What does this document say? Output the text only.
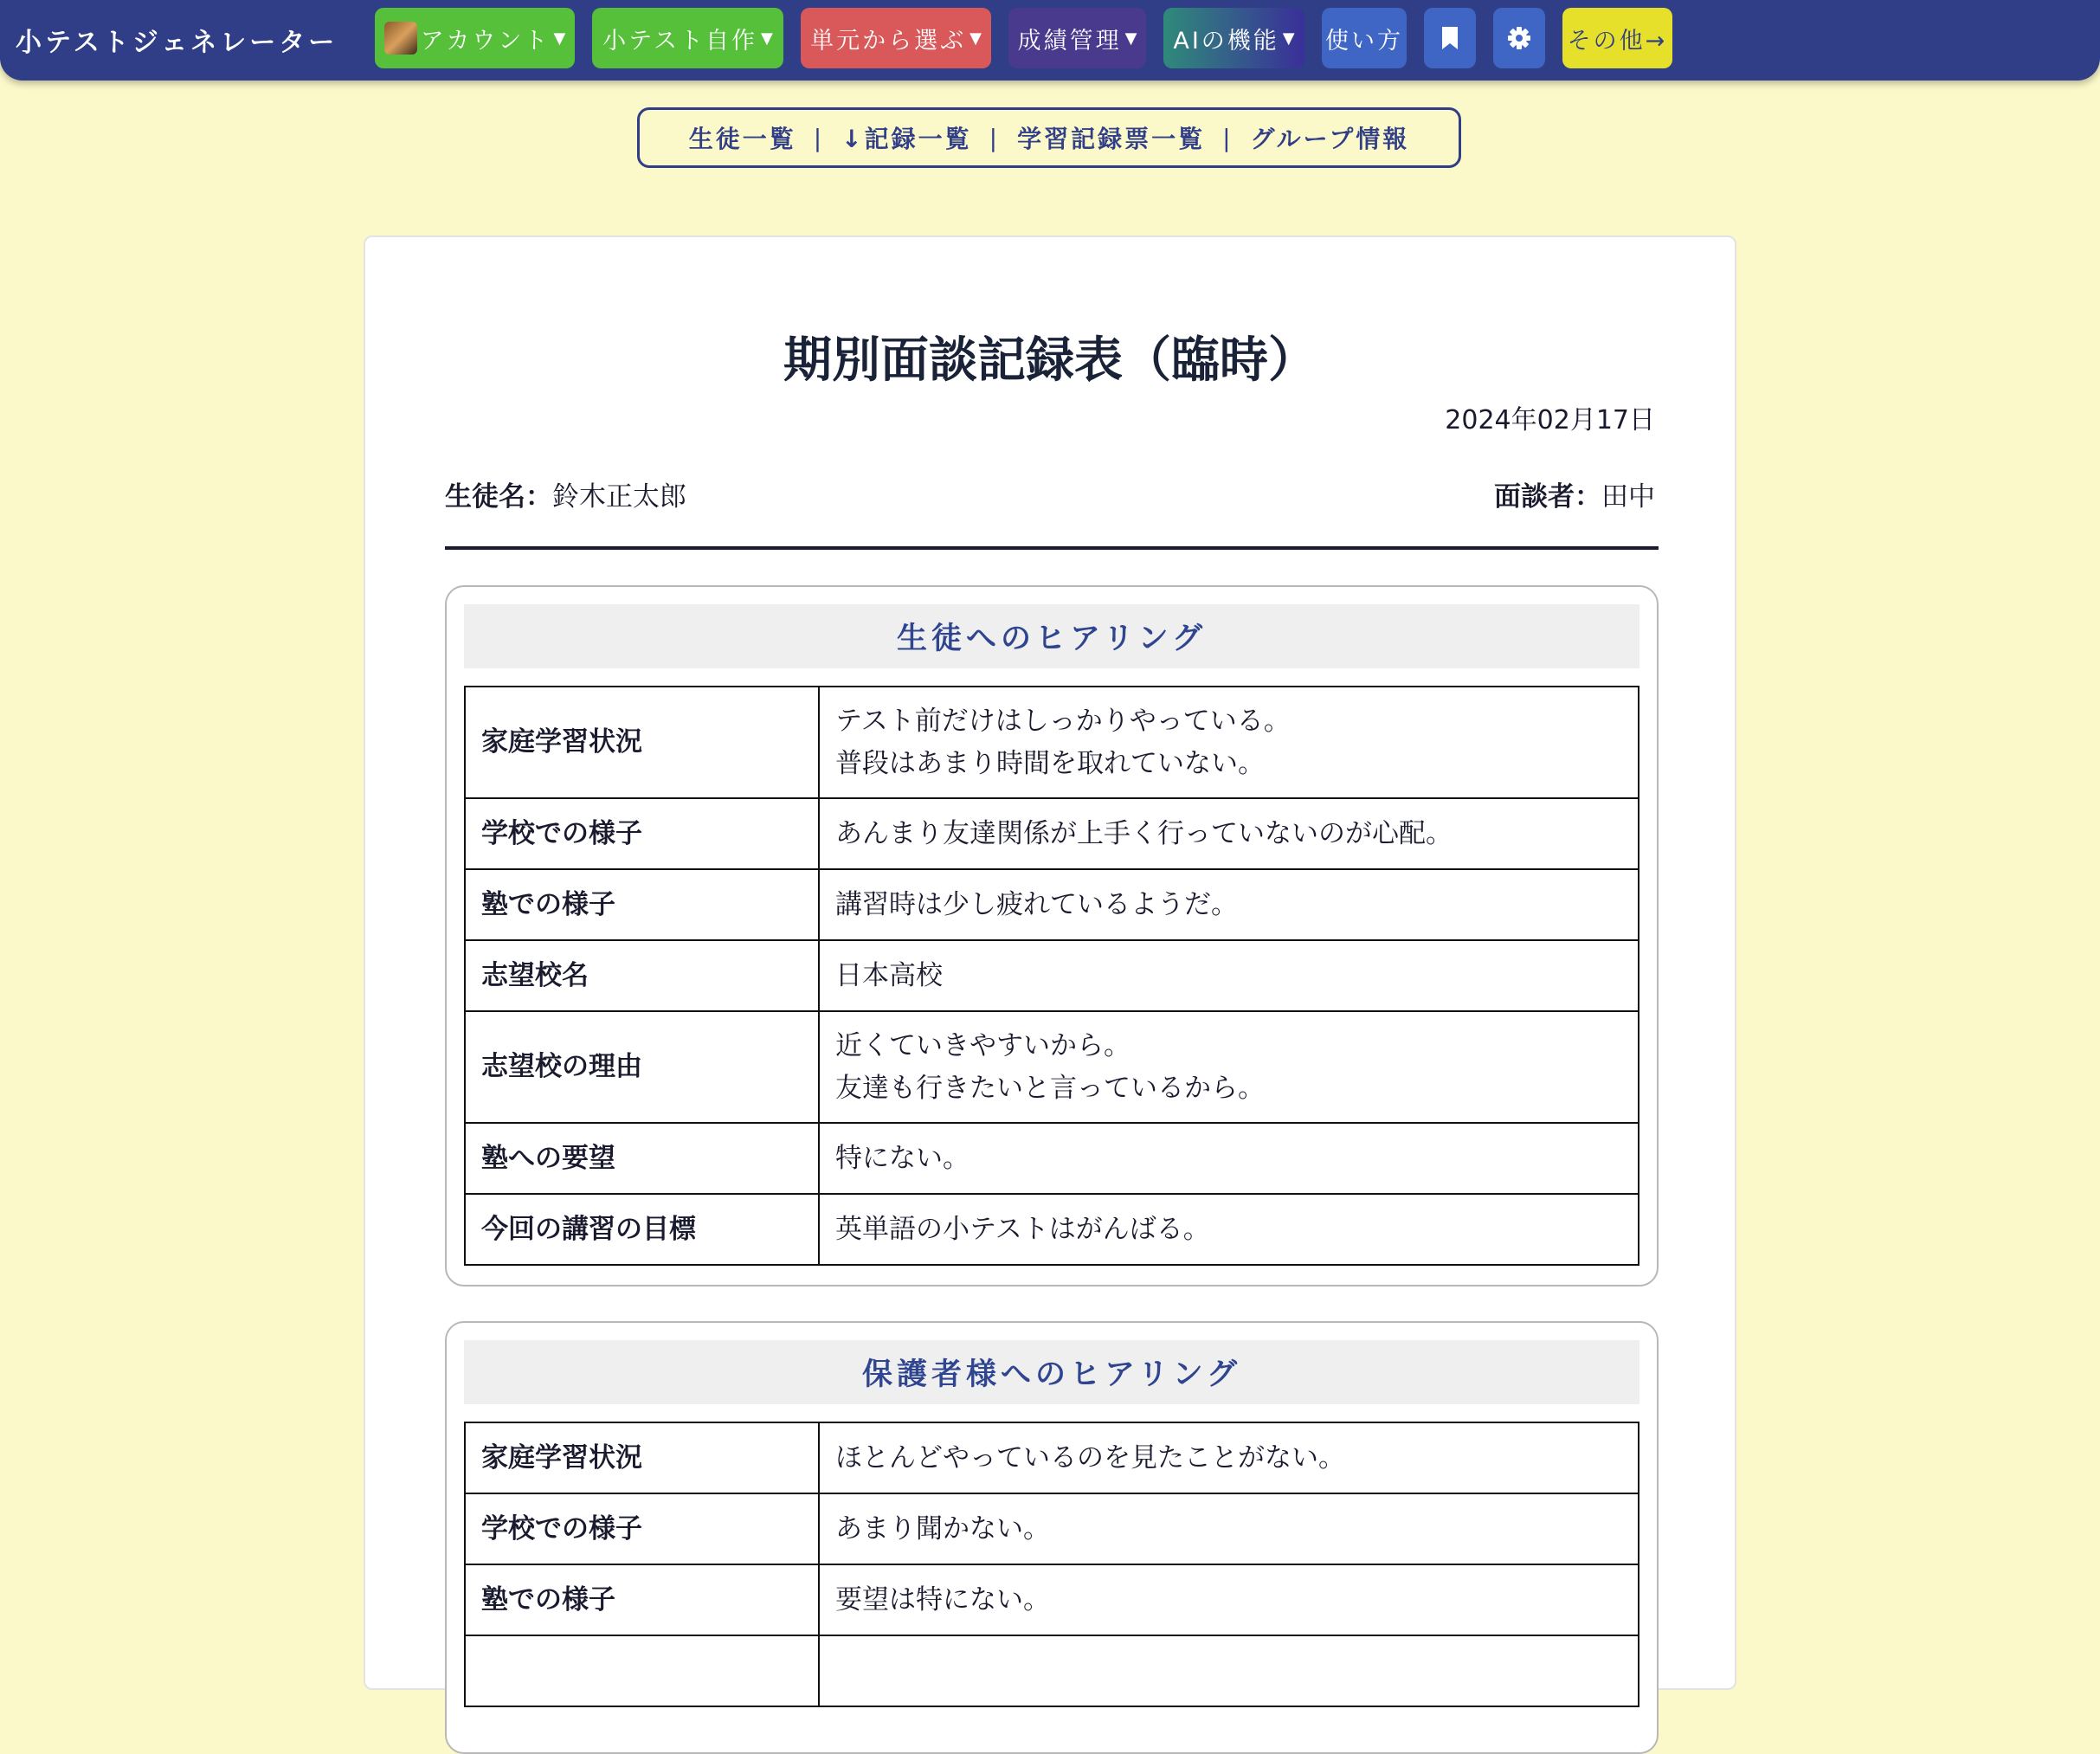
小テストジェネレーター	アカウント ▼ 小テスト自作 ▼ 単元から選ぶ ▼ 成績管理 ▼ AIの機能 ▼ 使い方	その他→
生徒一覧 | ↓記録一覧 | 学習記録票一覧 | グループ情報
期別面談記録表（臨時）
2024年02月17日
生徒名：鈴木正太郎	面談者：田中
生徒へのヒアリング
家庭学習状況	テスト前だけはしっかりやっている。
普段はあまり時間を取れていない。
学校での様子	あんまり友達関係が上手く行っていないのが心配。
塾での様子	講習時は少し疲れているようだ。
志望校名	日本高校
志望校の理由	近くていきやすいから。
友達も行きたいと言っているから。
塾への要望	特にない。
今回の講習の目標	英単語の小テストはがんばる。
保護者様へのヒアリング
家庭学習状況	ほとんどやっているのを見たことがない。
学校での様子	あまり聞かない。
塾での様子	要望は特にない。
